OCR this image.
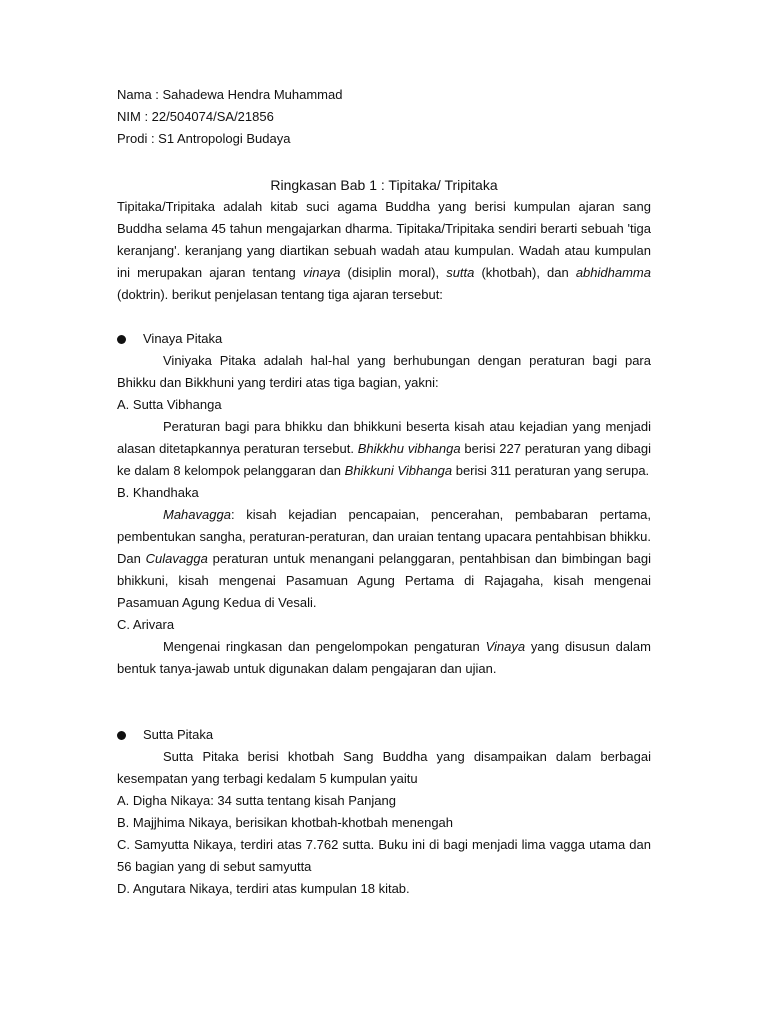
Nama : Sahadewa Hendra Muhammad
NIM : 22/504074/SA/21856
Prodi : S1 Antropologi Budaya
Ringkasan Bab 1 : Tipitaka/ Tripitaka

Tipitaka/Tripitaka adalah kitab suci agama Buddha yang berisi kumpulan ajaran sang Buddha selama 45 tahun mengajarkan dharma. Tipitaka/Tripitaka sendiri berarti sebuah 'tiga keranjang'. keranjang yang diartikan sebuah wadah atau kumpulan. Wadah atau kumpulan ini merupakan ajaran tentang vinaya (disiplin moral), sutta (khotbah), dan abhidhamma (doktrin). berikut penjelasan tentang tiga ajaran tersebut:

Vinaya Pitaka

Viniyaka Pitaka adalah hal-hal yang berhubungan dengan peraturan bagi para Bhikku dan Bikkhuni yang terdiri atas tiga bagian, yakni:

A. Sutta Vibhanga

Peraturan bagi para bhikku dan bhikkuni beserta kisah atau kejadian yang menjadi alasan ditetapkannya peraturan tersebut. Bhikkhu vibhanga berisi 227 peraturan yang dibagi ke dalam 8 kelompok pelanggaran dan Bhikkuni Vibhanga berisi 311 peraturan yang serupa.

B. Khandhaka

Mahavagga: kisah kejadian pencapaian, pencerahan, pembabaran pertama, pembentukan sangha, peraturan-peraturan, dan uraian tentang upacara pentahbisan bhikku. Dan Culavagga peraturan untuk menangani pelanggaran, pentahbisan dan bimbingan bagi bhikkuni, kisah mengenai Pasamuan Agung Pertama di Rajagaha, kisah mengenai Pasamuan Agung Kedua di Vesali.

C. Arivara

Mengenai ringkasan dan pengelompokan pengaturan Vinaya yang disusun dalam bentuk tanya-jawab untuk digunakan dalam pengajaran dan ujian.

Sutta Pitaka

Sutta Pitaka berisi khotbah Sang Buddha yang disampaikan dalam berbagai kesempatan yang terbagi kedalam 5 kumpulan yaitu

A. Digha Nikaya: 34 sutta tentang kisah Panjang
B. Majjhima Nikaya, berisikan khotbah-khotbah menengah

C. Samyutta Nikaya, terdiri atas 7.762 sutta. Buku ini di bagi menjadi lima vagga utama dan 56 bagian yang di sebut samyutta

D. Angutara Nikaya, terdiri atas kumpulan 18 kitab.
